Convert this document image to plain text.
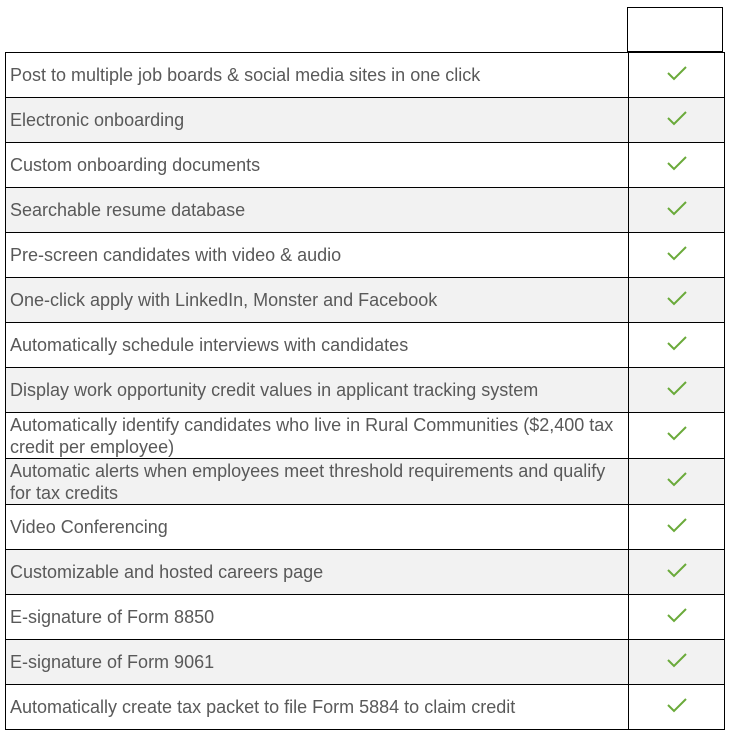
Post to multiple job boards & social media sites in one click	
Electronic onboarding	
Custom onboarding documents	
Searchable resume database	
Pre-screen candidates with video & audio	
One-click apply with LinkedIn, Monster and Facebook	
Automatically schedule interviews with candidates	
Display work opportunity credit values in applicant tracking system	
Automatically identify candidates who live in Rural Communities ($2,400 tax credit per employee)	
Automatic alerts when employees meet threshold requirements and qualify for tax credits	
Video Conferencing	
Customizable and hosted careers page	
E-signature of Form 8850	
E-signature of Form 9061	
Automatically create tax packet to file Form 5884 to claim credit	
